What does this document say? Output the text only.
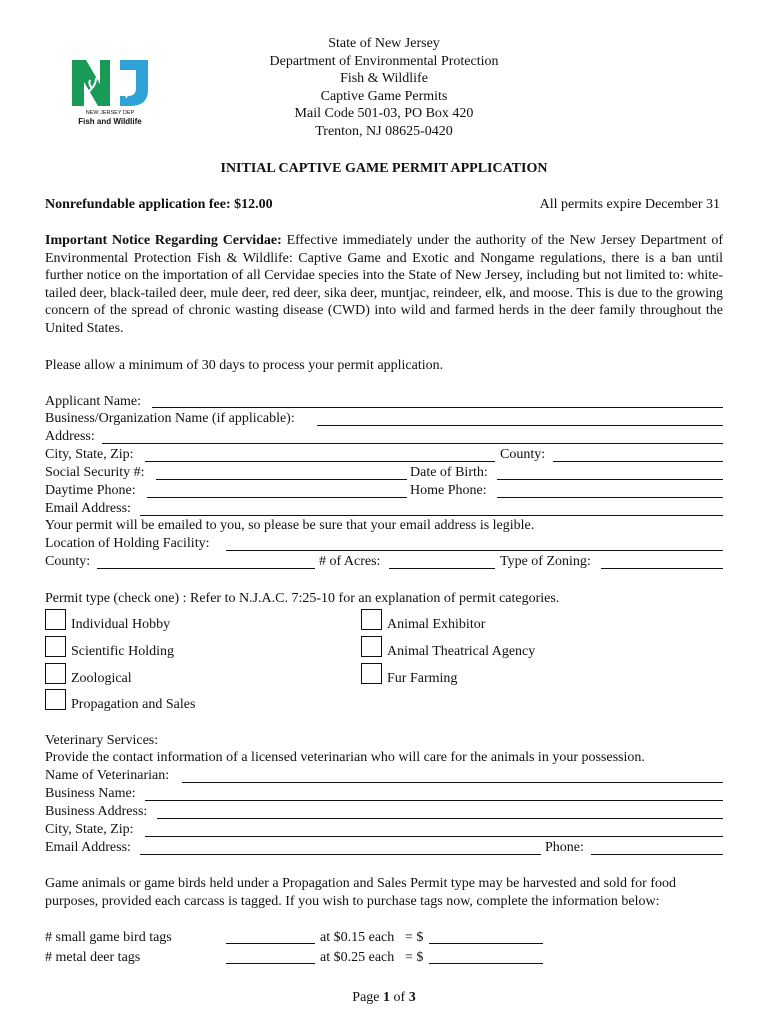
NEW JERSEY DEP
Fish and Wildlife
State of New Jersey
Department of Environmental Protection
Fish & Wildlife
Captive Game Permits
Mail Code 501-03, PO Box 420
Trenton, NJ 08625-0420
INITIAL CAPTIVE GAME PERMIT APPLICATION
Nonrefundable application fee: $12.00	All permits expire December 31
Important Notice Regarding Cervidae: Effective immediately under the authority of the New Jersey Department of Environmental Protection Fish & Wildlife: Captive Game and Exotic and Nongame regulations, there is a ban until further notice on the importation of all Cervidae species into the State of New Jersey, including but not limited to: white-tailed deer, black-tailed deer, mule deer, red deer, sika deer, muntjac, reindeer, elk, and moose. This is due to the growing concern of the spread of chronic wasting disease (CWD) into wild and farmed herds in the deer family throughout the United States.
Please allow a minimum of 30 days to process your permit application.
Applicant Name:
Business/Organization Name (if applicable):
Address:
City, State, Zip:	County:
Social Security #:	Date of Birth:
Daytime Phone:	Home Phone:
Email Address:
Your permit will be emailed to you, so please be sure that your email address is legible.
Location of Holding Facility:
County:	# of Acres:	Type of Zoning:
Permit type (check one) : Refer to N.J.A.C. 7:25-10 for an explanation of permit categories.
Individual Hobby
Scientific Holding
Zoological
Propagation and Sales
Animal Exhibitor
Animal Theatrical Agency
Fur Farming
Veterinary Services:
Provide the contact information of a licensed veterinarian who will care for the animals in your possession.
Name of Veterinarian:
Business Name:
Business Address:
City, State, Zip:
Email Address:	Phone:
Game animals or game birds held under a Propagation and Sales Permit type may be harvested and sold for food purposes, provided each carcass is tagged. If you wish to purchase tags now, complete the information below:
# small game bird tags	at $0.15 each = $
# metal deer tags	at $0.25 each = $
Page 1 of 3
